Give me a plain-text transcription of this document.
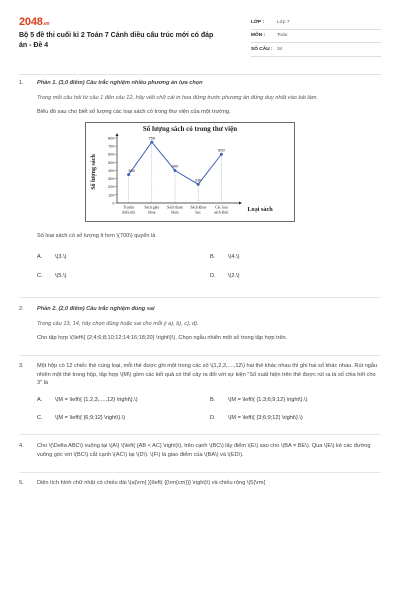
2048.vn
Bộ 5 đề thi cuối kì 2 Toán 7 Cánh diều cấu trúc mới có đáp án - Đề 4
LỚP :	Lớp 7
MÔN :	Toán
SỐ CÂU : 34
1. Phần 1. (3,0 điểm) Câu trắc nghiệm nhiều phương án lựa chọn
Trong mỗi câu hỏi từ câu 1 đến câu 12, hãy viết chữ cái in hoa đứng trước phương án đúng duy nhất vào bài làm.
Biểu đồ sau cho biết số lượng các loại sách có trong thư viện của một trường.
Số lượng sách có trong thư viện
Số lượng sách
Loại sách
0
100
200
300
400
500
600
700
800
350
750
400
230
600
Truyện
thiếu nhi
Sách giáo
khoa
Sách tham
khảo
Sách khoa
học
Các loại
sách khác
Số loại sách có số lượng ít hơn \(700\) quyển là
A.	\(3.\)	B.	\(4.\)
C.	\(5.\)	D.	\(2.\)
2. Phần 2. (2,0 điểm) Câu trắc nghiệm đúng sai
Trong câu 13, 14, hãy chọn đúng hoặc sai cho mỗi ý a), b), c), d).
Cho tập hợp \(\left\{ {2;4;6;8;10;12;14;16;18;20} \right\}\). Chọn ngẫu nhiên một số trong tập hợp trên.
3. Một hộp có 12 chiếc thẻ cùng loại, mỗi thẻ được ghi một trong các số \(1,2,3,....,12\) hai thẻ khác nhau thì ghi hai số khác nhau. Rút ngẫu nhiên một thẻ trong hộp, tập hợp \(M\) gồm các kết quả có thể cảy ra đối với sự kiện "Số xuất hiện trên thẻ được rút ra là số chia hết cho 3" là
A.	\(M = \left\{ {1,2,3,....,12} \right\}.\)	B.	\(M = \left\{ {1;3;6;9;12} \right\}.\)
C.	\(M = \left\{ {6;9;12} \right\}.\)	D.	\(M = \left\{ {3;6;9;12} \right\}.\)
4. Cho \(\Delta ABC\) vuông tại \(A\) \(\left( {AB < AC} \right)\), trên cạnh \(BC\) lấy điểm \(E\) sao cho \(BA = BE\). Qua \(E\) kẻ các đường vuông góc với \(BC\) cắt cạnh \(AC\) tại \(D\). \(F\) là giao điểm của \(BA\) và \(ED\).
5. Diện tích hình chữ nhật có chiều dài \(a{\rm{ }}\left( {{\rm{cm}}} \right)\) và chiều rộng \(5{\rm{
